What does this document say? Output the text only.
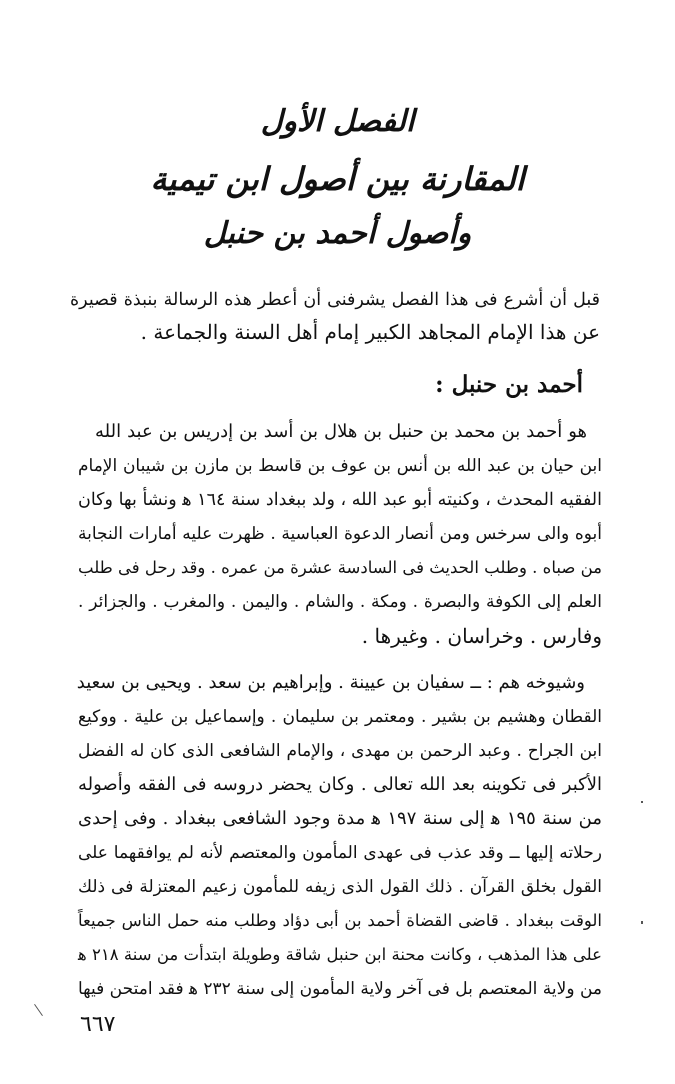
الفصل الأول
المقارنة بين أصول ابن تيمية
وأصول أحمد بن حنبل
قبل أن أشرع فى هذا الفصل يشرفنى أن أعطر هذه الرسالة بنبذة قصيرة
عن هذا الإمام المجاهد الكبير إمام أهل السنة والجماعة .
أحمد بن حنبل :
هو أحمد بن محمد بن حنبل بن هلال بن أسد بن إدريس بن عبد الله
ابن حيان بن عبد الله بن أنس بن عوف بن قاسط بن مازن بن شيبان الإمام
الفقيه المحدث ، وكنيته أبو عبد الله ، ولد ببغداد سنة ١٦٤ ﻫ ونشأ بها وكان
أبوه والى سرخس ومن أنصار الدعوة العباسية . ظهرت عليه أمارات النجابة
من صباه . وطلب الحديث فى السادسة عشرة من عمره . وقد رحل فى طلب
العلم إلى الكوفة والبصرة . ومكة . والشام . واليمن . والمغرب . والجزائر .
وفارس . وخراسان . وغيرها .
وشيوخه هم : ــ سفيان بن عيينة . وإبراهيم بن سعد . ويحيى بن سعيد
القطان وهشيم بن بشير . ومعتمر بن سليمان . وإسماعيل بن علية . ووكيع
ابن الجراح . وعبد الرحمن بن مهدى ، والإمام الشافعى الذى كان له الفضل
الأكبر فى تكوينه بعد الله تعالى . وكان يحضر دروسه فى الفقه وأصوله
من سنة ١٩٥ ﻫ إلى سنة ١٩٧ ﻫ مدة وجود الشافعى ببغداد . وفى إحدى
رحلاته إليها ــ وقد عذب فى عهدى المأمون والمعتصم لأنه لم يوافقهما على
القول بخلق القرآن . ذلك القول الذى زيفه للمأمون زعيم المعتزلة فى ذلك
الوقت ببغداد . قاضى القضاة أحمد بن أبى دؤاد وطلب منه حمل الناس جميعاً
على هذا المذهب ، وكانت محنة ابن حنبل شاقة وطويلة ابتدأت من سنة ٢١٨ ﻫ
من ولاية المعتصم بل فى آخر ولاية المأمون إلى سنة ٢٣٢ ﻫ فقد امتحن فيها
٦٦٧
